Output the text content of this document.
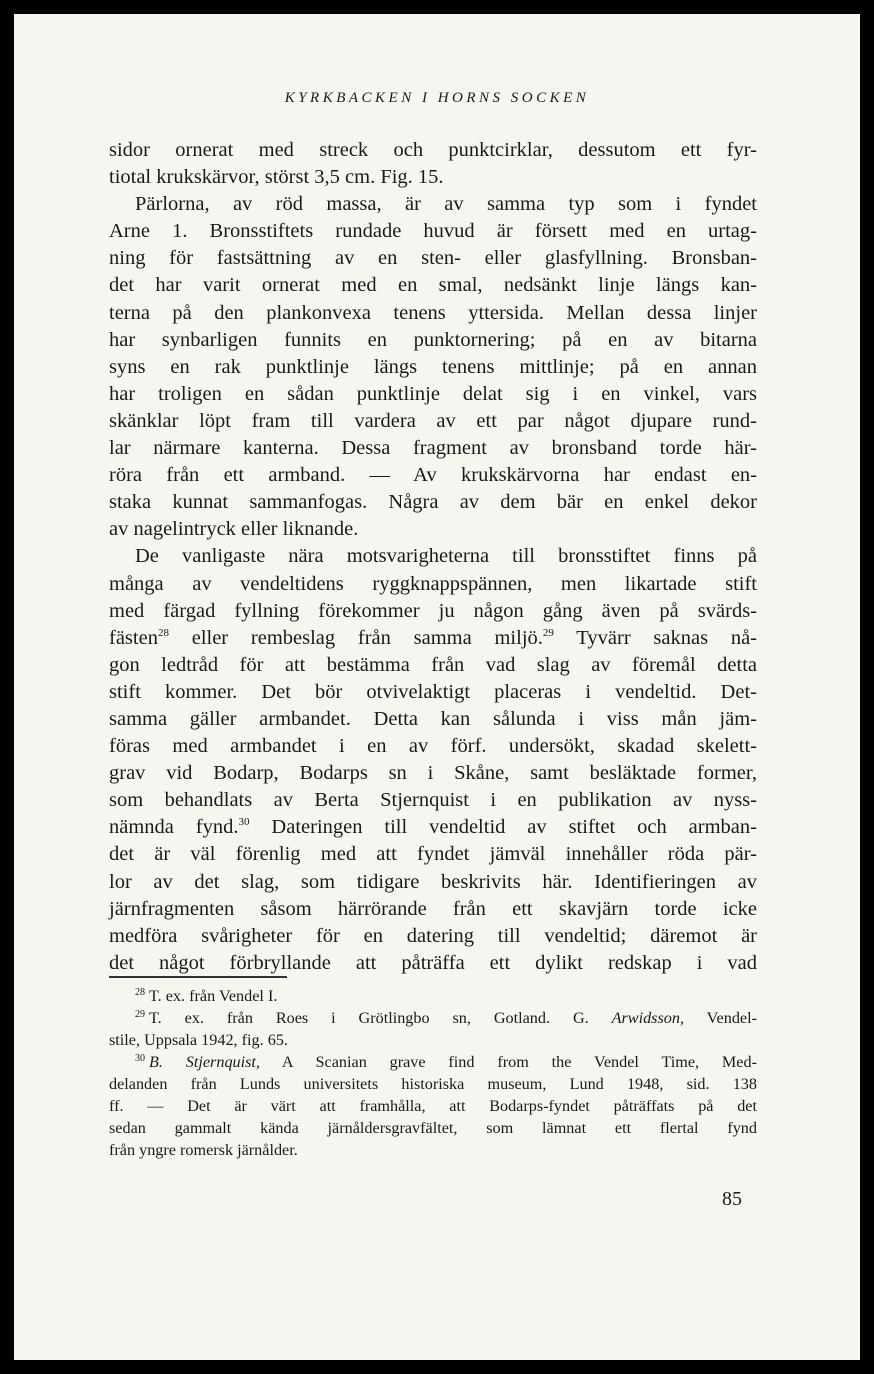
KYRKBACKEN I HORNS SOCKEN
sidor ornerat med streck och punktcirklar, dessutom ett fyr-
tiotal krukskärvor, störst 3,5 cm. Fig. 15.
Pärlorna, av röd massa, är av samma typ som i fyndet
Arne 1. Bronsstiftets rundade huvud är försett med en urtag-
ning för fastsättning av en sten- eller glasfyllning. Bronsban-
det har varit ornerat med en smal, nedsänkt linje längs kan-
terna på den plankonvexa tenens yttersida. Mellan dessa linjer
har synbarligen funnits en punktornering; på en av bitarna
syns en rak punktlinje längs tenens mittlinje; på en annan
har troligen en sådan punktlinje delat sig i en vinkel, vars
skänklar löpt fram till vardera av ett par något djupare rund-
lar närmare kanterna. Dessa fragment av bronsband torde här-
röra från ett armband. — Av krukskärvorna har endast en-
staka kunnat sammanfogas. Några av dem bär en enkel dekor
av nagelintryck eller liknande.
De vanligaste nära motsvarigheterna till bronsstiftet finns på
många av vendeltidens ryggknappspännen, men likartade stift
med färgad fyllning förekommer ju någon gång även på svärds-
fästen$^{28}$ eller rembeslag från samma miljö.$^{29}$ Tyvärr saknas nå-
gon ledtråd för att bestämma från vad slag av föremål detta
stift kommer. Det bör otvivelaktigt placeras i vendeltid. Det-
samma gäller armbandet. Detta kan sålunda i viss mån jäm-
föras med armbandet i en av förf. undersökt, skadad skelett-
grav vid Bodarp, Bodarps sn i Skåne, samt besläktade former,
som behandlats av Berta Stjernquist i en publikation av nyss-
nämnda fynd.$^{30}$ Dateringen till vendeltid av stiftet och armban-
det är väl förenlig med att fyndet jämväl innehåller röda pär-
lor av det slag, som tidigare beskrivits här. Identifieringen av
järnfragmenten såsom härrörande från ett skavjärn torde icke
medföra svårigheter för en datering till vendeltid; däremot är
det något förbryllande att påträffa ett dylikt redskap i vad
$^{28}$ T. ex. från Vendel I.
$^{29}$ T. ex. från Roes i Grötlingbo sn, Gotland. G. Arwidsson, Vendel-
stile, Uppsala 1942, fig. 65.
$^{30}$ B. Stjernquist, A Scanian grave find from the Vendel Time, Med-
delanden från Lunds universitets historiska museum, Lund 1948, sid. 138
ff. — Det är värt att framhålla, att Bodarps-fyndet påträffats på det
sedan gammalt kända järnåldersgravfältet, som lämnat ett flertal fynd
från yngre romersk järnålder.
85
